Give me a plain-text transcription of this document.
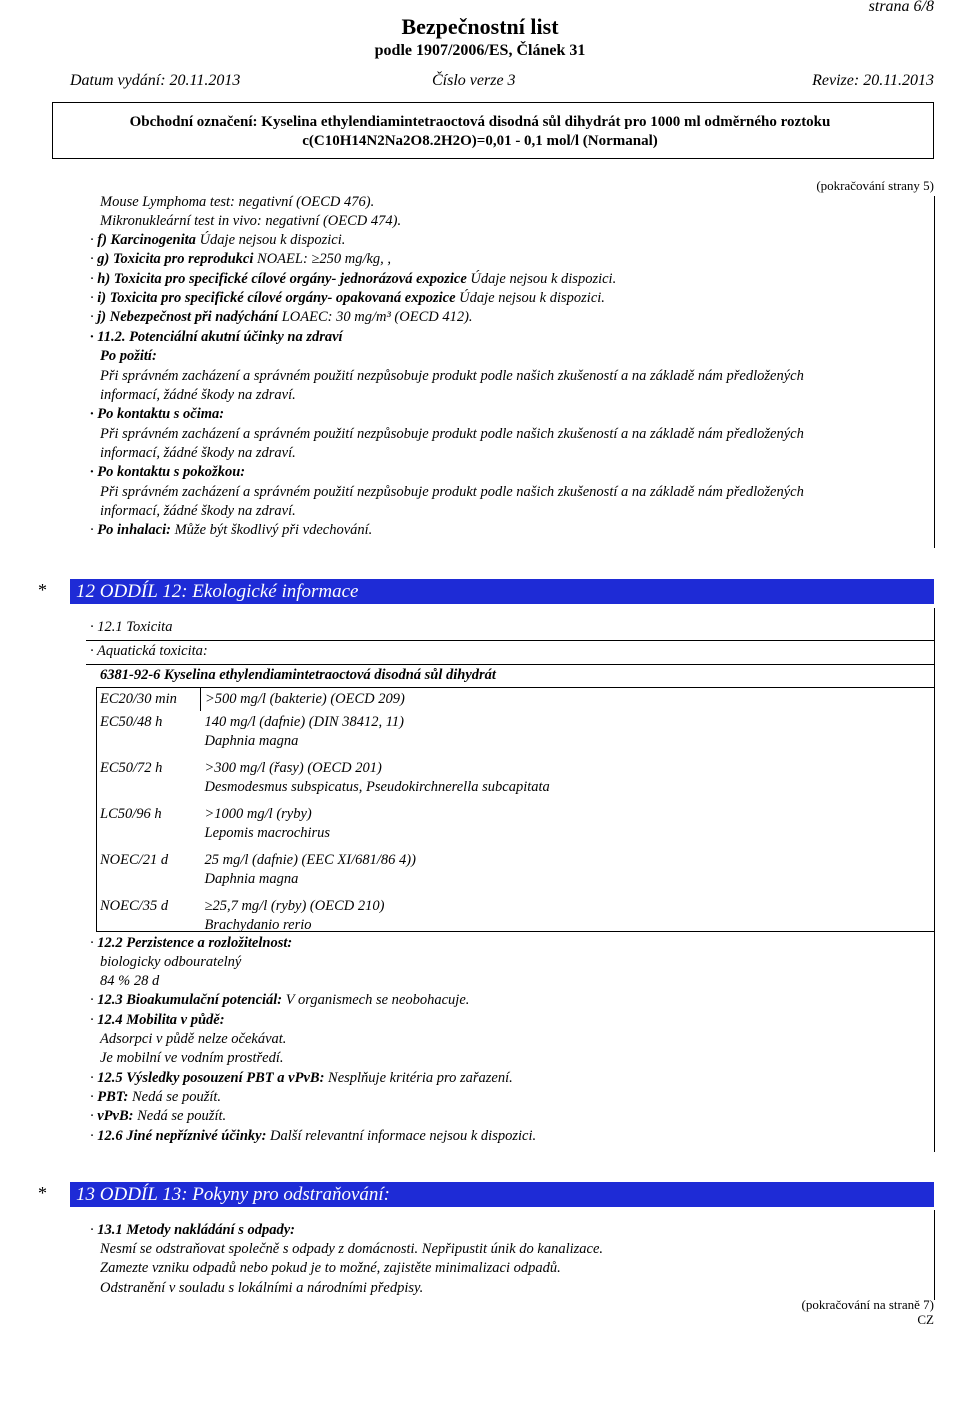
strana 6/8
Bezpečnostní list
podle 1907/2006/ES, Článek 31
Datum vydání: 20.11.2013	Číslo verze 3	Revize: 20.11.2013
Obchodní označení: Kyselina ethylendiamintetraoctová disodná sůl dihydrát pro 1000 ml odměrného roztoku
c(C10H14N2Na2O8.2H2O)=0,01 - 0,1 mol/l (Normanal)
(pokračování strany 5)
Mouse Lymphoma test: negativní (OECD 476).
Mikronukleární test in vivo: negativní (OECD 474).
· f) Karcinogenita Údaje nejsou k dispozici.
· g) Toxicita pro reprodukci NOAEL: ≥250 mg/kg, ,
· h) Toxicita pro specifické cílové orgány- jednorázová expozice Údaje nejsou k dispozici.
· i) Toxicita pro specifické cílové orgány- opakovaná expozice Údaje nejsou k dispozici.
· j) Nebezpečnost při nadýchání LOAEC: 30 mg/m³ (OECD 412).
· 11.2. Potenciální akutní účinky na zdraví
Po požití:
Při správném zacházení a správném použití nezpůsobuje produkt podle našich zkušeností a na základě nám předložených
informací, žádné škody na zdraví.
· Po kontaktu s očima:
Při správném zacházení a správném použití nezpůsobuje produkt podle našich zkušeností a na základě nám předložených
informací, žádné škody na zdraví.
· Po kontaktu s pokožkou:
Při správném zacházení a správném použití nezpůsobuje produkt podle našich zkušeností a na základě nám předložených
informací, žádné škody na zdraví.
· Po inhalaci: Může být škodlivý při vdechování.
*	12 ODDÍL 12: Ekologické informace
· 12.1 Toxicita
· Aquatická toxicita:
6381-92-6 Kyselina ethylendiamintetraoctová disodná sůl dihydrát
EC20/30 min	>500 mg/l (bakterie) (OECD 209)

EC50/48 h	140 mg/l (dafnie) (DIN 38412, 11)
Daphnia magna

EC50/72 h	>300 mg/l (řasy) (OECD 201)
Desmodesmus subspicatus, Pseudokirchnerella subcapitata

LC50/96 h	>1000 mg/l (ryby)
Lepomis macrochirus

NOEC/21 d	25 mg/l (dafnie) (EEC XI/681/86 4))
Daphnia magna

NOEC/35 d	≥25,7 mg/l (ryby) (OECD 210)
Brachydanio rerio
· 12.2 Perzistence a rozložitelnost:
biologicky odbouratelný
84 % 28 d
· 12.3 Bioakumulační potenciál: V organismech se neobohacuje.
· 12.4 Mobilita v půdě:
Adsorpci v půdě nelze očekávat.
Je mobilní ve vodním prostředí.
· 12.5 Výsledky posouzení PBT a vPvB: Nesplňuje kritéria pro zařazení.
· PBT: Nedá se použít.
· vPvB: Nedá se použít.
· 12.6 Jiné nepříznivé účinky: Další relevantní informace nejsou k dispozici.
*	13 ODDÍL 13: Pokyny pro odstraňování:
· 13.1 Metody nakládání s odpady:
Nesmí se odstraňovat společně s odpady z domácnosti. Nepřipustit únik do kanalizace.
Zamezte vzniku odpadů nebo pokud je to možné, zajistěte minimalizaci odpadů.
Odstranění v souladu s lokálními a národními předpisy.
(pokračování na straně 7)
CZ
